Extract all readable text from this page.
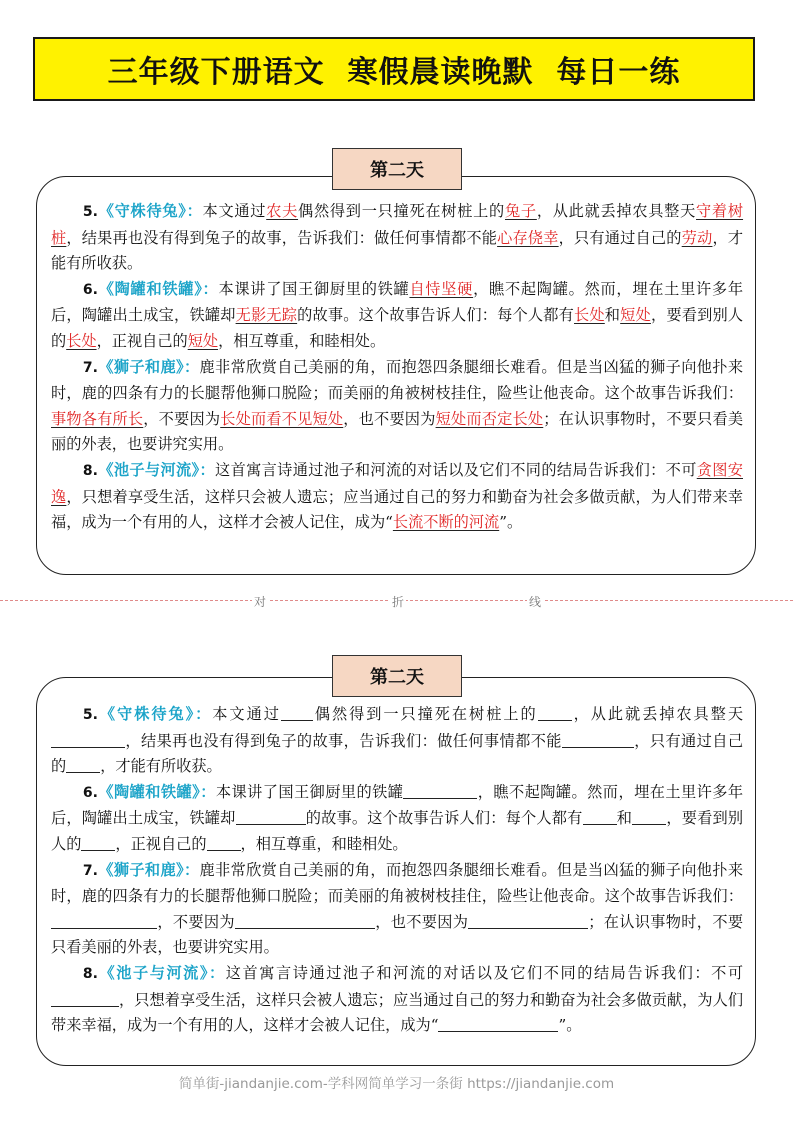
三年级下册语文  寒假晨读晚默  每日一练
第二天

5.《守株待兔》：本文通过农夫偶然得到一只撞死在树桩上的兔子，从此就丢掉农具整天守着树桩，结果再也没有得到兔子的故事，告诉我们：做任何事情都不能心存侥幸，只有通过自己的劳动，才能有所收获。

6.《陶罐和铁罐》：本课讲了国王御厨里的铁罐自恃坚硬，瞧不起陶罐。然而，埋在土里许多年后，陶罐出土成宝，铁罐却无影无踪的故事。这个故事告诉人们：每个人都有长处和短处，要看到别人的长处，正视自己的短处，相互尊重，和睦相处。

7.《狮子和鹿》：鹿非常欣赏自己美丽的角，而抱怨四条腿细长难看。但是当凶猛的狮子向他扑来时，鹿的四条有力的长腿帮他狮口脱险；而美丽的角被树枝挂住，险些让他丧命。这个故事告诉我们：事物各有所长，不要因为长处而看不见短处，也不要因为短处而否定长处；在认识事物时，不要只看美丽的外表，也要讲究实用。

8.《池子与河流》：这首寓言诗通过池子和河流的对话以及它们不同的结局告诉我们：不可贪图安逸，只想着享受生活，这样只会被人遗忘；应当通过自己的努力和勤奋为社会多做贡献，为人们带来幸福，成为一个有用的人，这样才会被人记住，成为“长流不断的河流”。

对	折	线
第二天

5.《守株待兔》：本文通过 偶然得到一只撞死在树桩上的 ，从此就丢掉农具整天，结果再也没有得到兔子的故事，告诉我们：做任何事情都不能	，只有通过自己的 ，才能有所收获。

6.《陶罐和铁罐》：本课讲了国王御厨里的铁罐	，瞧不起陶罐。然而，埋在土里许多年后，陶罐出土成宝，铁罐却	的故事。这个故事告诉人们：每个人都有 和 ，要看到别人的 ，正视自己的 ，相互尊重，和睦相处。

7.《狮子和鹿》：鹿非常欣赏自己美丽的角，而抱怨四条腿细长难看。但是当凶猛的狮子向他扑来时，鹿的四条有力的长腿帮他狮口脱险；而美丽的角被树枝挂住，险些让他丧命。这个故事告诉我们：，不要因为	，也不要因为	；在认识事物时，不要只看美丽的外表，也要讲究实用。

8.《池子与河流》：这首寓言诗通过池子和河流的对话以及它们不同的结局告诉我们：不可，只想着享受生活，这样只会被人遗忘；应当通过自己的努力和勤奋为社会多做贡献，为人们带来幸福，成为一个有用的人，这样才会被人记住，成为“	”。

简单街-jiandanjie.com-学科网简单学习一条街 https://jiandanjie.com
